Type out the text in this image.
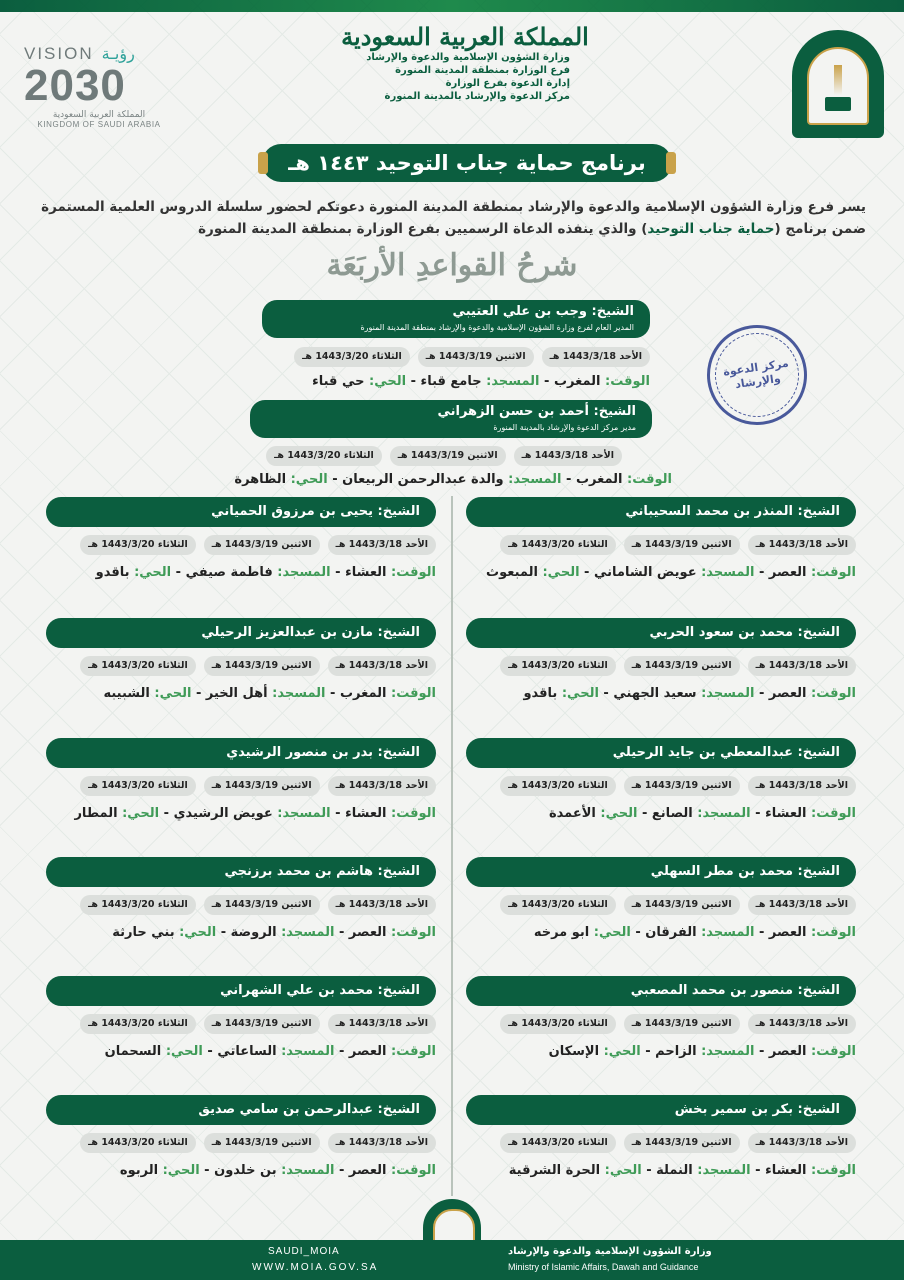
VISION رؤيـة
2030
المملكة العربية السعودية
KINGDOM OF SAUDI ARABIA
المملكة العربية السعودية
وزارة الشؤون الإسلامية والدعوة والإرشاد
فرع الوزارة بمنطقة المدينة المنورة
إدارة الدعوة بفرع الوزارة
مركز الدعوة والإرشاد بالمدينة المنورة
برنامج حماية جناب التوحيد ١٤٤٣ هـ
يسر فرع وزارة الشؤون الإسلامية والدعوة والإرشاد بمنطقة المدينة المنورة دعوتكم لحضور سلسلة الدروس العلمية المستمرة ضمن برنامج (حماية جناب التوحيد) والذي ينفذه الدعاة الرسميين بفرع الوزارة بمنطقة المدينة المنورة
شرحُ القواعدِ الأربَعَة
مركز الدعوة والإرشاد
الشيخ: وجب بن علي العتيبي
المدير العام لفرع وزارة الشؤون الإسلامية والدعوة والإرشاد بمنطقة المدينة المنورة
الأحد 1443/3/18 هـ
الاثنين 1443/3/19 هـ
الثلاثاء 1443/3/20 هـ
الوقت: المغرب - المسجد: جامع قباء - الحي: حي قباء
الشيخ: أحمد بن حسن الزهراني
مدير مركز الدعوة والإرشاد بالمدينة المنورة
الأحد 1443/3/18 هـ
الاثنين 1443/3/19 هـ
الثلاثاء 1443/3/20 هـ
الوقت: المغرب - المسجد: والدة عبدالرحمن الربيعان - الحي: الظاهرة
الشيخ: المنذر بن محمد السحيباني
الأحد 1443/3/18 هـ
الاثنين 1443/3/19 هـ
الثلاثاء 1443/3/20 هـ
الوقت: العصر - المسجد: عويض الشاماني - الحي: المبعوث
الشيخ: محمد بن سعود الحربي
الأحد 1443/3/18 هـ
الاثنين 1443/3/19 هـ
الثلاثاء 1443/3/20 هـ
الوقت: العصر - المسجد: سعيد الجهني - الحي: باقدو
الشيخ: عبدالمعطي بن جايد الرحيلي
الأحد 1443/3/18 هـ
الاثنين 1443/3/19 هـ
الثلاثاء 1443/3/20 هـ
الوقت: العشاء - المسجد: الصانع - الحي: الأعمدة
الشيخ: محمد بن مطر السهلي
الأحد 1443/3/18 هـ
الاثنين 1443/3/19 هـ
الثلاثاء 1443/3/20 هـ
الوقت: العصر - المسجد: الفرقان - الحي: ابو مرخه
الشيخ: منصور بن محمد المصعبي
الأحد 1443/3/18 هـ
الاثنين 1443/3/19 هـ
الثلاثاء 1443/3/20 هـ
الوقت: العصر - المسجد: الزاحم - الحي: الإسكان
الشيخ: بكر بن سمير بخش
الأحد 1443/3/18 هـ
الاثنين 1443/3/19 هـ
الثلاثاء 1443/3/20 هـ
الوقت: العشاء - المسجد: النملة - الحي: الحرة الشرقية
الشيخ: يحيى بن مرزوق الحمياني
الأحد 1443/3/18 هـ
الاثنين 1443/3/19 هـ
الثلاثاء 1443/3/20 هـ
الوقت: العشاء - المسجد: فاطمة صيفي - الحي: باقدو
الشيخ: مازن بن عبدالعزيز الرحيلي
الأحد 1443/3/18 هـ
الاثنين 1443/3/19 هـ
الثلاثاء 1443/3/20 هـ
الوقت: المغرب - المسجد: أهل الخير - الحي: الشبيبه
الشيخ: بدر بن منصور الرشيدي
الأحد 1443/3/18 هـ
الاثنين 1443/3/19 هـ
الثلاثاء 1443/3/20 هـ
الوقت: العشاء - المسجد: عويض الرشيدي - الحي: المطار
الشيخ: هاشم بن محمد برزنجي
الأحد 1443/3/18 هـ
الاثنين 1443/3/19 هـ
الثلاثاء 1443/3/20 هـ
الوقت: العصر - المسجد: الروضة - الحي: بني حارثة
الشيخ: محمد بن علي الشهراني
الأحد 1443/3/18 هـ
الاثنين 1443/3/19 هـ
الثلاثاء 1443/3/20 هـ
الوقت: العصر - المسجد: الساعاتي - الحي: السحمان
الشيخ: عبدالرحمن بن سامي صديق
الأحد 1443/3/18 هـ
الاثنين 1443/3/19 هـ
الثلاثاء 1443/3/20 هـ
الوقت: العصر - المسجد: بن خلدون - الحي: الربوه
SAUDI_MOIA
WWW.MOIA.GOV.SA
وزارة الشؤون الإسلامية والدعوة والإرشاد
Ministry of Islamic Affairs, Dawah and Guidance
